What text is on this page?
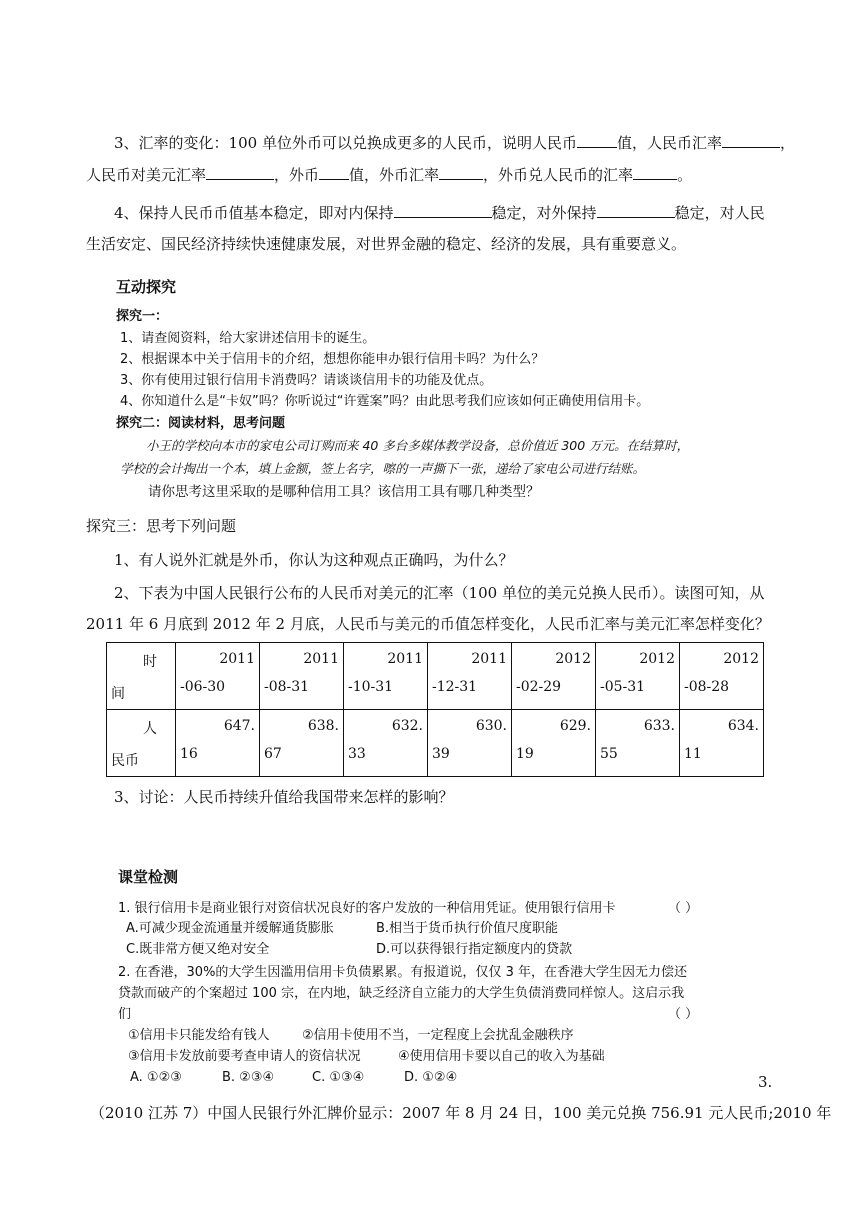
3、汇率的变化：100 单位外币可以兑换成更多的人民币，说明人民币	值，人民币汇率	，
人民币对美元汇率	，外币 值，外币汇率	，外币兑人民币的汇率	。
4、保持人民币币值基本稳定，即对内保持	稳定，对外保持	稳定，对人民
生活安定、国民经济持续快速健康发展，对世界金融的稳定、经济的发展，具有重要意义。
互动探究
探究一：
1、请查阅资料，给大家讲述信用卡的诞生。
2、根据课本中关于信用卡的介绍，想想你能申办银行信用卡吗？为什么？
3、你有使用过银行信用卡消费吗？请谈谈信用卡的功能及优点。
4、你知道什么是“卡奴”吗？你听说过“许霆案”吗？由此思考我们应该如何正确使用信用卡。
探究二：阅读材料，思考问题
小王的学校向本市的家电公司订购而来 40 多台多媒体教学设备，总价值近 300 万元。在结算时，
学校的会计掏出一个本，填上金额，签上名字，嚓的一声撕下一张，递给了家电公司进行结账。
请你思考这里采取的是哪种信用工具？该信用工具有哪几种类型？
探究三：思考下列问题
1、有人说外汇就是外币，你认为这种观点正确吗，为什么？
2、下表为中国人民银行公布的人民币对美元的汇率（100 单位的美元兑换人民币）。读图可知，从
2011 年 6 月底到 2012 年 2 月底，人民币与美元的币值怎样变化，人民币汇率与美元汇率怎样变化？
时
间	2011
-06-30	2011
-08-31	2011
-10-31	2011
-12-31	2012
-02-29	2012
-05-31	2012
-08-28

人
民币	647.
16	638.
67	632.
33	630.
39	629.
19	633.
55	634.
11
3、讨论：人民币持续升值给我国带来怎样的影响？
课堂检测
1. 银行信用卡是商业银行对资信状况良好的客户发放的一种信用凭证。使用银行信用卡	（ ）
A.可减少现金流通量并缓解通货膨胀	B.相当于货币执行价值尺度职能
C.既非常方便又绝对安全	D.可以获得银行指定额度内的贷款
2. 在香港，30%的大学生因滥用信用卡负债累累。有报道说，仅仅 3 年，在香港大学生因无力偿还
贷款而破产的个案超过 100 宗，在内地，缺乏经济自立能力的大学生负债消费同样惊人。这启示我
们	（ ）
①信用卡只能发给有钱人 ②信用卡使用不当，一定程度上会扰乱金融秩序
③信用卡发放前要考查申请人的资信状况	④使用信用卡要以自己的收入为基础
A. ①②③	B. ②③④	C. ①③④	D. ①②④	3.
（2010 江苏 7）中国人民银行外汇牌价显示：2007 年 8 月 24 日，100 美元兑换 756.91 元人民币;2010 年
